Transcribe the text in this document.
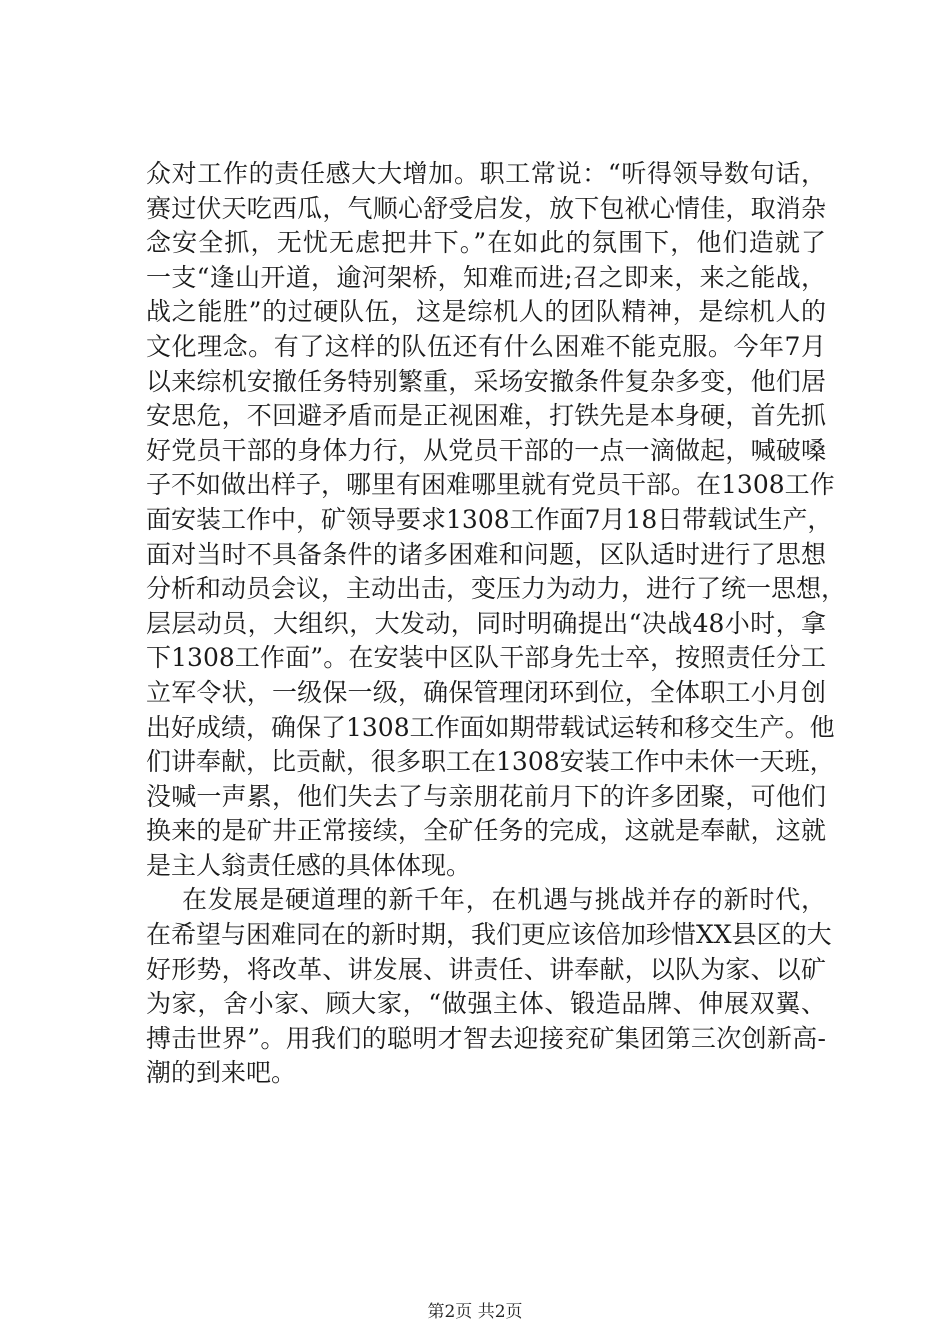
众对工作的责任感大大增加。职工常说：“听得领导数句话，
赛过伏天吃西瓜，气顺心舒受启发，放下包袱心情佳，取消杂
念安全抓，无忧无虑把井下。”在如此的氛围下，他们造就了
一支“逢山开道，逾河架桥，知难而进;召之即来，来之能战，
战之能胜”的过硬队伍，这是综机人的团队精神，是综机人的
文化理念。有了这样的队伍还有什么困难不能克服。今年7月
以来综机安撤任务特别繁重，采场安撤条件复杂多变，他们居
安思危，不回避矛盾而是正视困难，打铁先是本身硬，首先抓
好党员干部的身体力行，从党员干部的一点一滴做起，喊破嗓
子不如做出样子，哪里有困难哪里就有党员干部。在1308工作
面安装工作中，矿领导要求1308工作面7月18日带载试生产，
面对当时不具备条件的诸多困难和问题，区队适时进行了思想
分析和动员会议，主动出击，变压力为动力，进行了统一思想，
层层动员，大组织，大发动，同时明确提出“决战48小时，拿
下1308工作面”。在安装中区队干部身先士卒，按照责任分工
立军令状，一级保一级，确保管理闭环到位，全体职工小月创
出好成绩，确保了1308工作面如期带载试运转和移交生产。他
们讲奉献，比贡献，很多职工在1308安装工作中未休一天班，
没喊一声累，他们失去了与亲朋花前月下的许多团聚，可他们
换来的是矿井正常接续，全矿任务的完成，这就是奉献，这就
是主人翁责任感的具体体现。
在发展是硬道理的新千年，在机遇与挑战并存的新时代，
在希望与困难同在的新时期，我们更应该倍加珍惜XX县区的大
好形势，将改革、讲发展、讲责任、讲奉献，以队为家、以矿
为家，舍小家、顾大家，“做强主体、锻造品牌、伸展双翼、
搏击世界”。用我们的聪明才智去迎接兖矿集团第三次创新高-
潮的到来吧。
第2页 共2页
